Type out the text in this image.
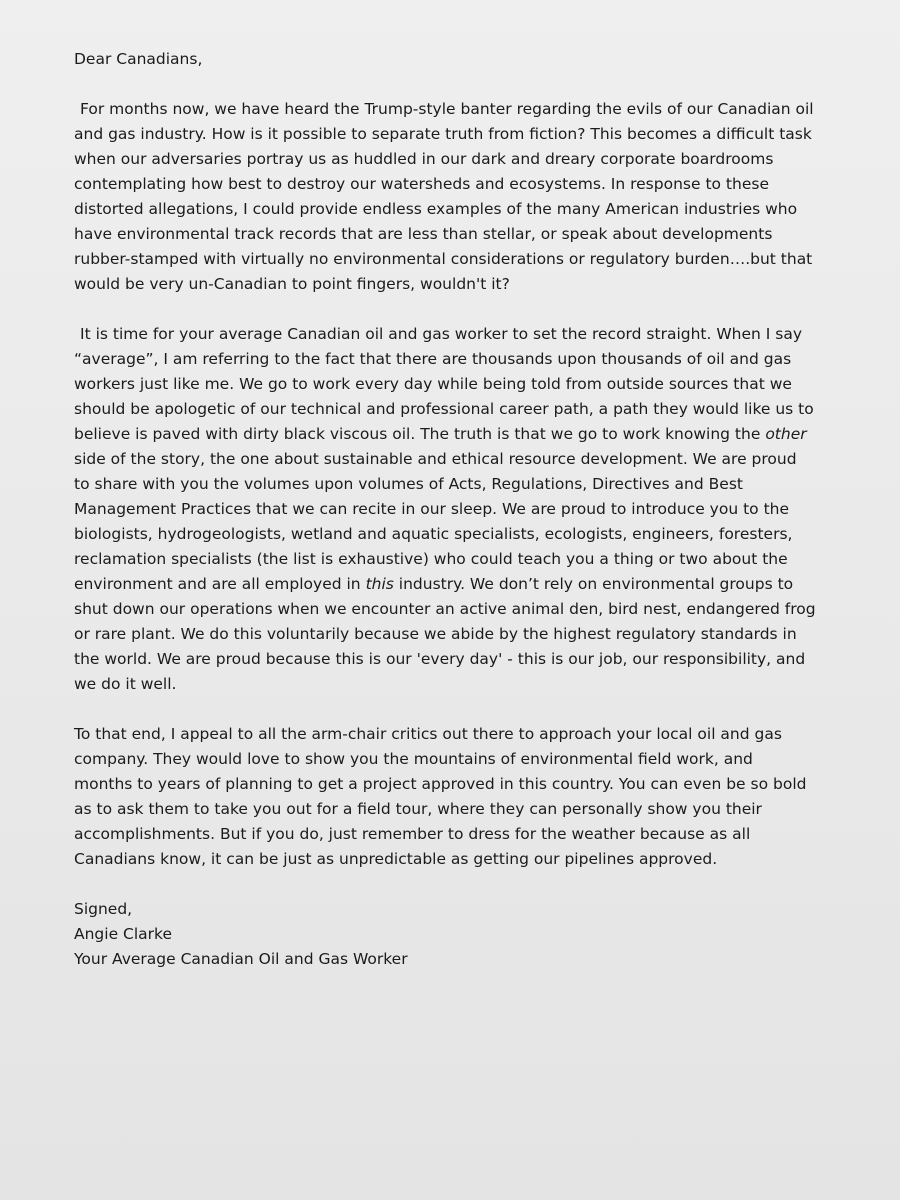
Dear Canadians,
For months now, we have heard the Trump-style banter regarding the evils of our Canadian oil
and gas industry. How is it possible to separate truth from fiction? This becomes a difficult task
when our adversaries portray us as huddled in our dark and dreary corporate boardrooms
contemplating how best to destroy our watersheds and ecosystems. In response to these
distorted allegations, I could provide endless examples of the many American industries who
have environmental track records that are less than stellar, or speak about developments
rubber-stamped with virtually no environmental considerations or regulatory burden….but that
would be very un-Canadian to point fingers, wouldn't it?
It is time for your average Canadian oil and gas worker to set the record straight. When I say
“average”, I am referring to the fact that there are thousands upon thousands of oil and gas
workers just like me. We go to work every day while being told from outside sources that we
should be apologetic of our technical and professional career path, a path they would like us to
believe is paved with dirty black viscous oil. The truth is that we go to work knowing the other
side of the story, the one about sustainable and ethical resource development. We are proud
to share with you the volumes upon volumes of Acts, Regulations, Directives and Best
Management Practices that we can recite in our sleep. We are proud to introduce you to the
biologists, hydrogeologists, wetland and aquatic specialists, ecologists, engineers, foresters,
reclamation specialists (the list is exhaustive) who could teach you a thing or two about the
environment and are all employed in this industry. We don’t rely on environmental groups to
shut down our operations when we encounter an active animal den, bird nest, endangered frog
or rare plant. We do this voluntarily because we abide by the highest regulatory standards in
the world. We are proud because this is our 'every day' - this is our job, our responsibility, and
we do it well.
To that end, I appeal to all the arm-chair critics out there to approach your local oil and gas
company. They would love to show you the mountains of environmental field work, and
months to years of planning to get a project approved in this country. You can even be so bold
as to ask them to take you out for a field tour, where they can personally show you their
accomplishments. But if you do, just remember to dress for the weather because as all
Canadians know, it can be just as unpredictable as getting our pipelines approved.
Signed,
Angie Clarke
Your Average Canadian Oil and Gas Worker
